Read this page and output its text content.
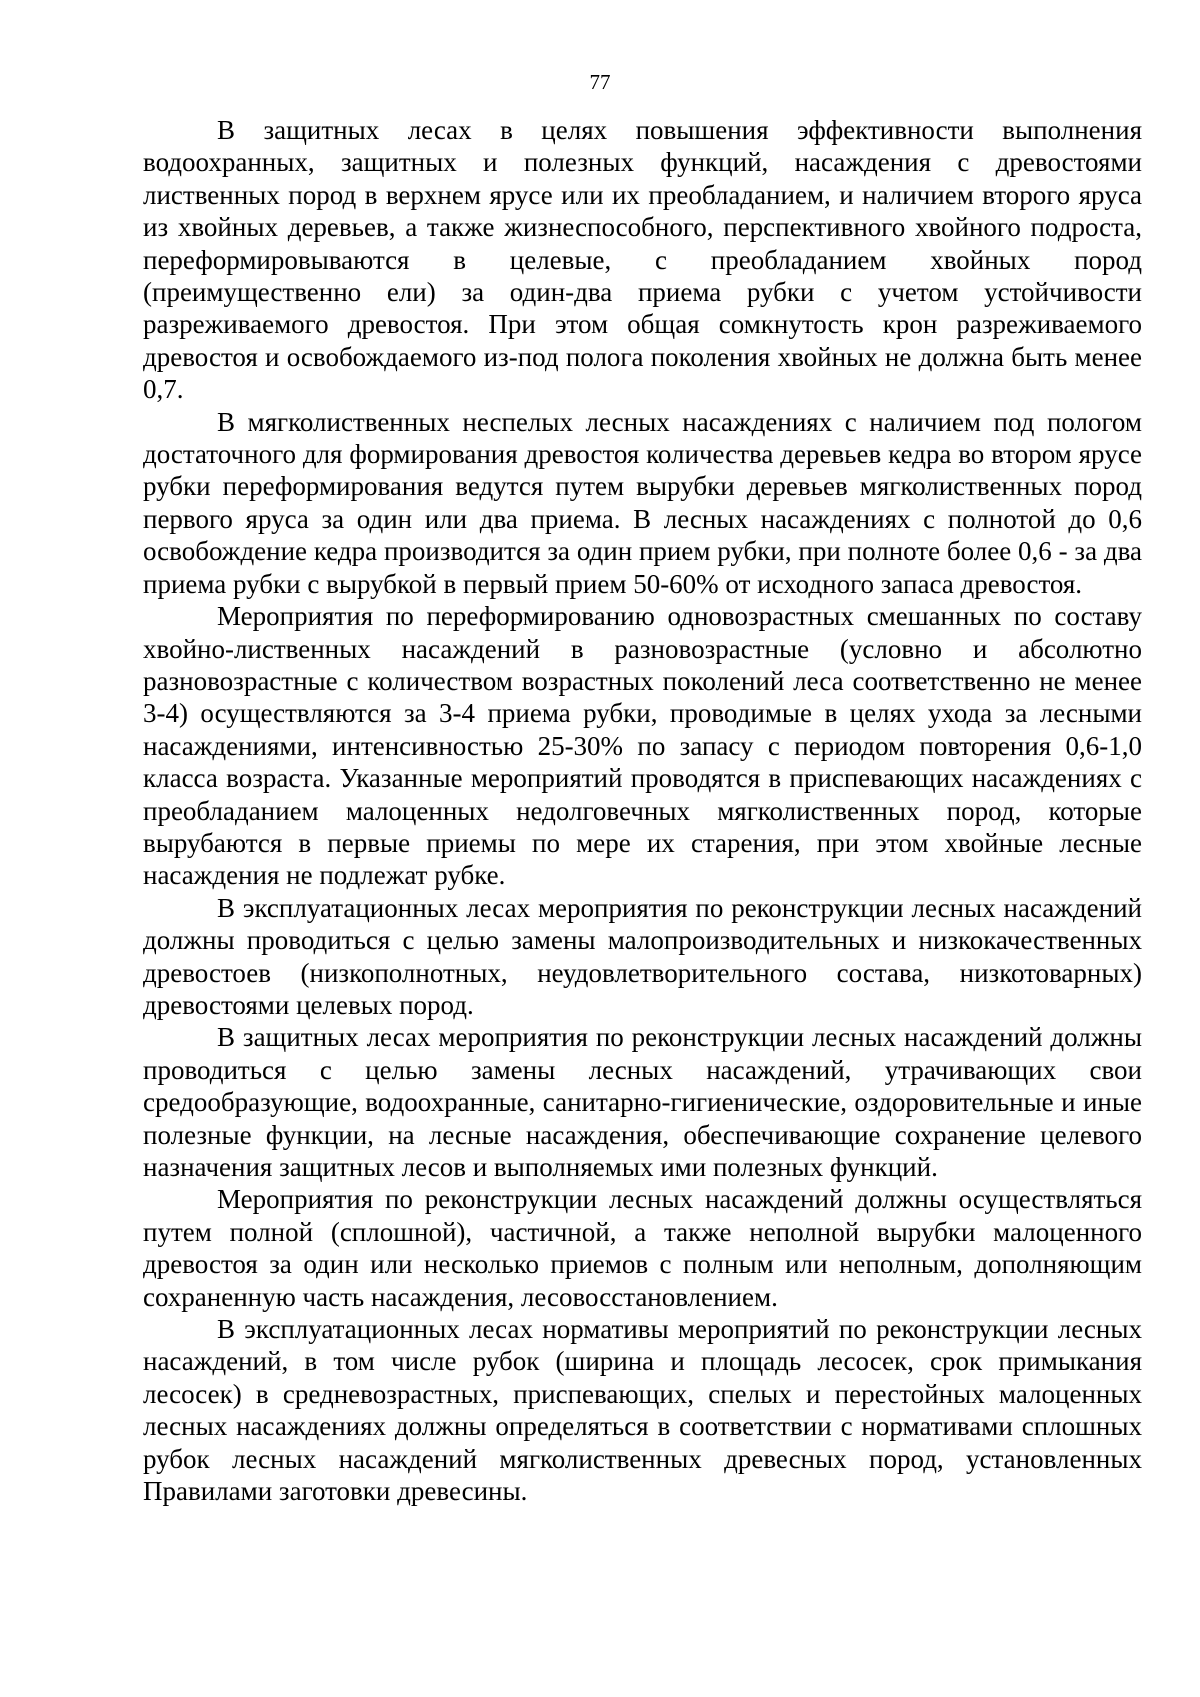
77

В защитных лесах в целях повышения эффективности выполнения водоохранных, защитных и полезных функций, насаждения с древостоями лиственных пород в верхнем ярусе или их преобладанием, и наличием второго яруса из хвойных деревьев, а также жизнеспособного, перспективного хвойного подроста, переформировываются в целевые, с преобладанием хвойных пород (преимущественно ели) за один-два приема рубки с учетом устойчивости разреживаемого древостоя. При этом общая сомкнутость крон разреживаемого древостоя и освобождаемого из-под полога поколения хвойных не должна быть менее 0,7.

В мягколиственных неспелых лесных насаждениях с наличием под пологом достаточного для формирования древостоя количества деревьев кедра во втором ярусе рубки переформирования ведутся путем вырубки деревьев мягколиственных пород первого яруса за один или два приема. В лесных насаждениях с полнотой до 0,6 освобождение кедра производится за один прием рубки, при полноте более 0,6 - за два приема рубки с вырубкой в первый прием 50-60% от исходного запаса древостоя.

Мероприятия по переформированию одновозрастных смешанных по составу хвойно-лиственных насаждений в разновозрастные (условно и абсолютно разновозрастные с количеством возрастных поколений леса соответственно не менее 3-4) осуществляются за 3-4 приема рубки, проводимые в целях ухода за лесными насаждениями, интенсивностью 25-30% по запасу с периодом повторения 0,6-1,0 класса возраста. Указанные мероприятий проводятся в приспевающих насаждениях с преобладанием малоценных недолговечных мягколиственных пород, которые вырубаются в первые приемы по мере их старения, при этом хвойные лесные насаждения не подлежат рубке.

В эксплуатационных лесах мероприятия по реконструкции лесных насаждений должны проводиться с целью замены малопроизводительных и низкокачественных древостоев (низкополнотных, неудовлетворительного состава, низкотоварных) древостоями целевых пород.

В защитных лесах мероприятия по реконструкции лесных насаждений должны проводиться с целью замены лесных насаждений, утрачивающих свои средообразующие, водоохранные, санитарно-гигиенические, оздоровительные и иные полезные функции, на лесные насаждения, обеспечивающие сохранение целевого назначения защитных лесов и выполняемых ими полезных функций.

Мероприятия по реконструкции лесных насаждений должны осуществляться путем полной (сплошной), частичной, а также неполной вырубки малоценного древостоя за один или несколько приемов с полным или неполным, дополняющим сохраненную часть насаждения, лесовосстановлением.

В эксплуатационных лесах нормативы мероприятий по реконструкции лесных насаждений, в том числе рубок (ширина и площадь лесосек, срок примыкания лесосек) в средневозрастных, приспевающих, спелых и перестойных малоценных лесных насаждениях должны определяться в соответствии с нормативами сплошных рубок лесных насаждений мягколиственных древесных пород, установленных Правилами заготовки древесины.
